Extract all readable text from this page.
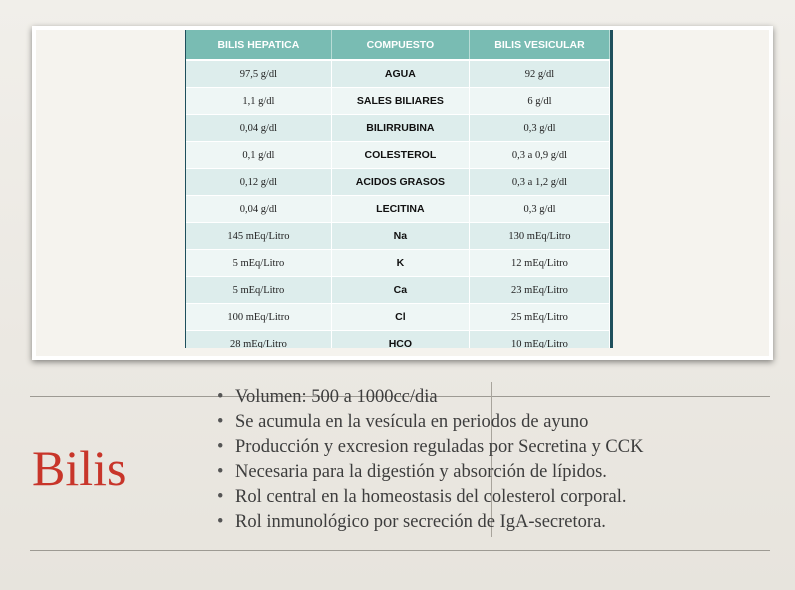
BILIS HEPATICA	COMPUESTO	BILIS VESICULAR
97,5 g/dl	AGUA	92 g/dl
1,1 g/dl	SALES BILIARES	6 g/dl
0,04 g/dl	BILIRRUBINA	0,3 g/dl
0,1 g/dl	COLESTEROL	0,3 a 0,9 g/dl
0,12 g/dl	ACIDOS GRASOS	0,3 a 1,2 g/dl
0,04 g/dl	LECITINA	0,3 g/dl
145 mEq/Litro	Na	130 mEq/Litro
5 mEq/Litro	K	12 mEq/Litro
5 mEq/Litro	Ca	23 mEq/Litro
100 mEq/Litro	Cl	25 mEq/Litro
28 mEq/Litro	HCO	10 mEq/Litro
Bilis
• Volumen: 500 a 1000cc/dia
• Se acumula en la vesícula en periodos de ayuno
• Producción y excresion reguladas por Secretina y CCK
• Necesaria para la digestión y absorción de lípidos.
• Rol central en la homeostasis del colesterol corporal.
• Rol inmunológico por secreción de IgA-secretora.
